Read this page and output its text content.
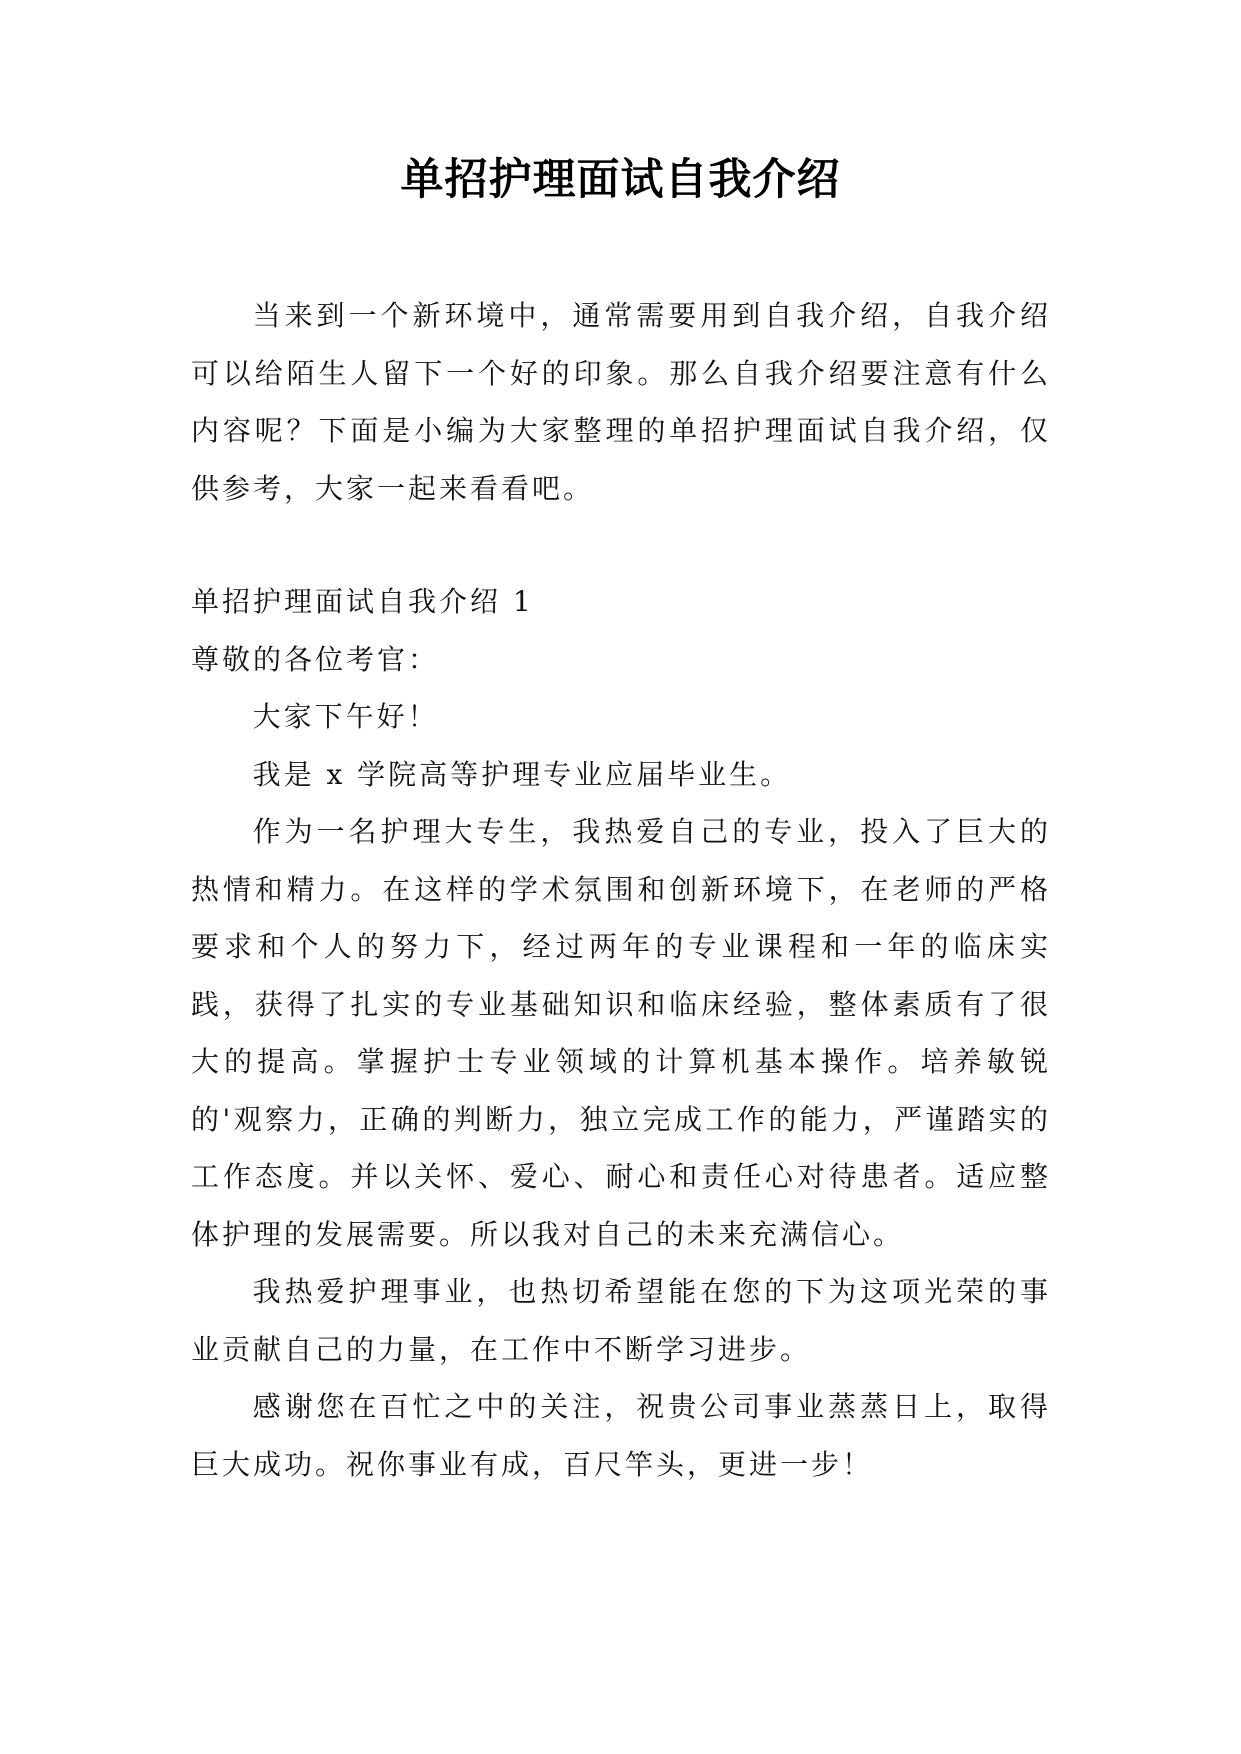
单招护理面试自我介绍

当来到一个新环境中，通常需要用到自我介绍，自我介绍可以给陌生人留下一个好的印象。那么自我介绍要注意有什么内容呢？下面是小编为大家整理的单招护理面试自我介绍，仅供参考，大家一起来看看吧。

单招护理面试自我介绍 1

尊敬的各位考官：

大家下午好！

我是 x 学院高等护理专业应届毕业生。

作为一名护理大专生，我热爱自己的专业，投入了巨大的热情和精力。在这样的学术氛围和创新环境下，在老师的严格要求和个人的努力下，经过两年的专业课程和一年的临床实践，获得了扎实的专业基础知识和临床经验，整体素质有了很大的提高。掌握护士专业领域的计算机基本操作。培养敏锐的'观察力，正确的判断力，独立完成工作的能力，严谨踏实的工作态度。并以关怀、爱心、耐心和责任心对待患者。适应整体护理的发展需要。所以我对自己的未来充满信心。

我热爱护理事业，也热切希望能在您的下为这项光荣的事业贡献自己的力量，在工作中不断学习进步。

感谢您在百忙之中的关注，祝贵公司事业蒸蒸日上，取得巨大成功。祝你事业有成，百尺竿头，更进一步！
